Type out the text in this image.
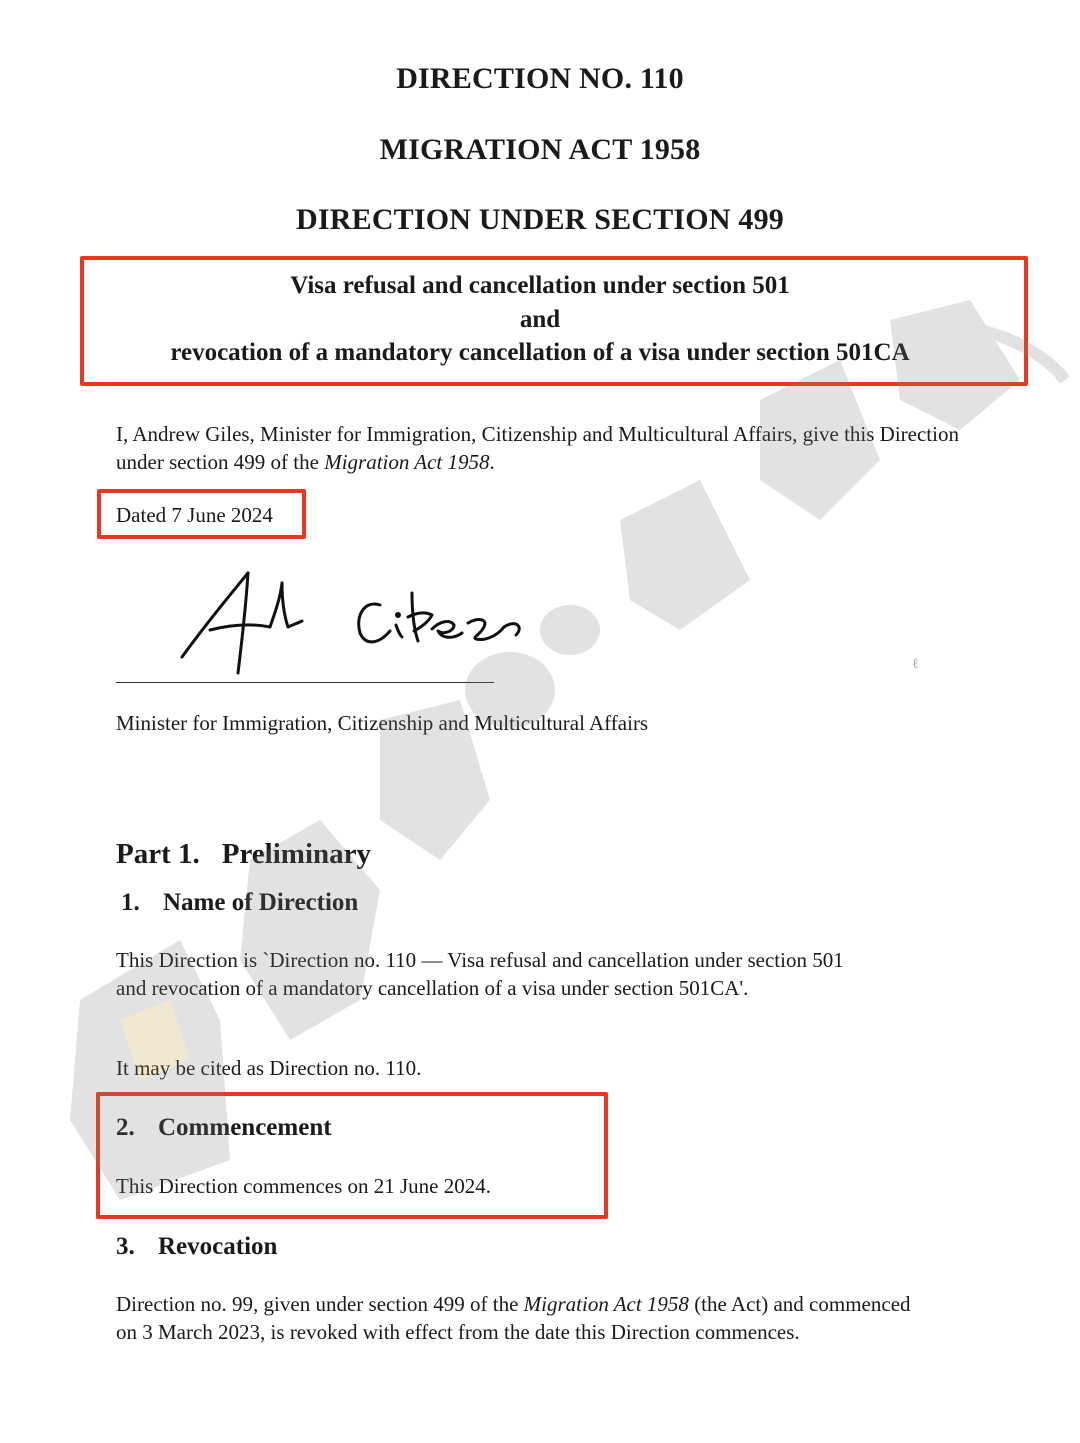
DIRECTION NO. 110
MIGRATION ACT 1958
DIRECTION UNDER SECTION 499
Visa refusal and cancellation under section 501
and
revocation of a mandatory cancellation of a visa under section 501CA
I, Andrew Giles, Minister for Immigration, Citizenship and Multicultural Affairs, give this Direction under section 499 of the Migration Act 1958.
Dated 7 June 2024
Minister for Immigration, Citizenship and Multicultural Affairs
Part 1. Preliminary
1. Name of Direction
This Direction is `Direction no. 110 — Visa refusal and cancellation under section 501 and revocation of a mandatory cancellation of a visa under section 501CA'.
It may be cited as Direction no. 110.
2. Commencement
This Direction commences on 21 June 2024.
3. Revocation
Direction no. 99, given under section 499 of the Migration Act 1958 (the Act) and commenced on 3 March 2023, is revoked with effect from the date this Direction commences.
ℓ
